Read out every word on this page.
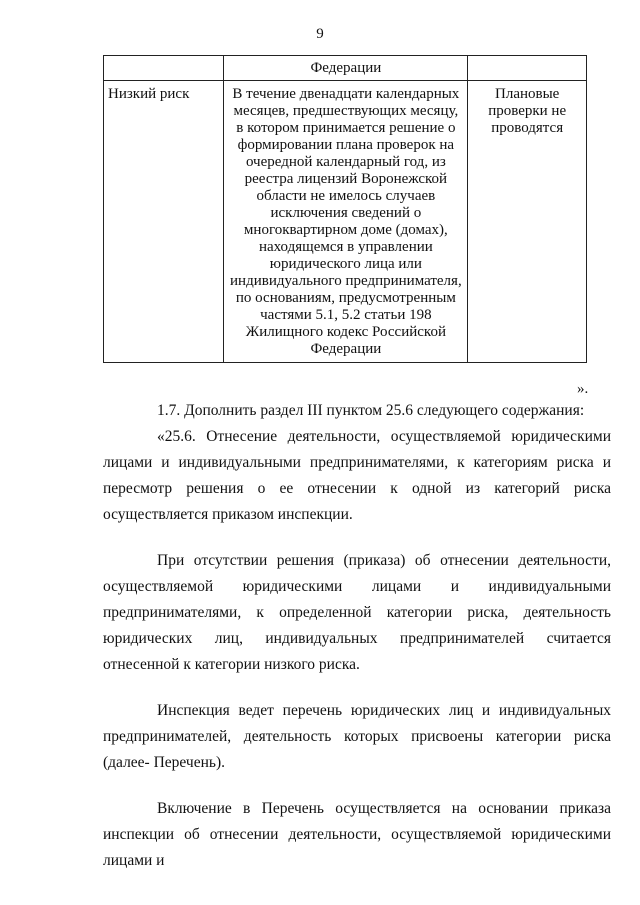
9
	Федерации	
Низкий риск	В течение двенадцати календарных месяцев, предшествующих месяцу, в котором принимается решение о формировании плана проверок на очередной календарный год, из реестра лицензий Воронежской области не имелось случаев исключения сведений о многоквартирном доме (домах), находящемся в управлении юридического лица или индивидуального предпринимателя, по основаниям, предусмотренным частями 5.1, 5.2 статьи 198 Жилищного кодекс Российской Федерации	Плановые проверки не проводятся
».

1.7. Дополнить раздел III пунктом 25.6 следующего содержания:

«25.6. Отнесение деятельности, осуществляемой юридическими лицами и индивидуальными предпринимателями, к категориям риска и пересмотр решения о ее отнесении к одной из категорий риска осуществляется приказом инспекции.

При отсутствии решения (приказа) об отнесении деятельности, осуществляемой юридическими лицами и индивидуальными предпринимателями, к определенной категории риска, деятельность юридических лиц, индивидуальных предпринимателей считается отнесенной к категории низкого риска.

Инспекция ведет перечень юридических лиц и индивидуальных предпринимателей, деятельность которых присвоены категории риска (далее- Перечень).

Включение в Перечень осуществляется на основании приказа инспекции об отнесении деятельности, осуществляемой юридическими лицами и
